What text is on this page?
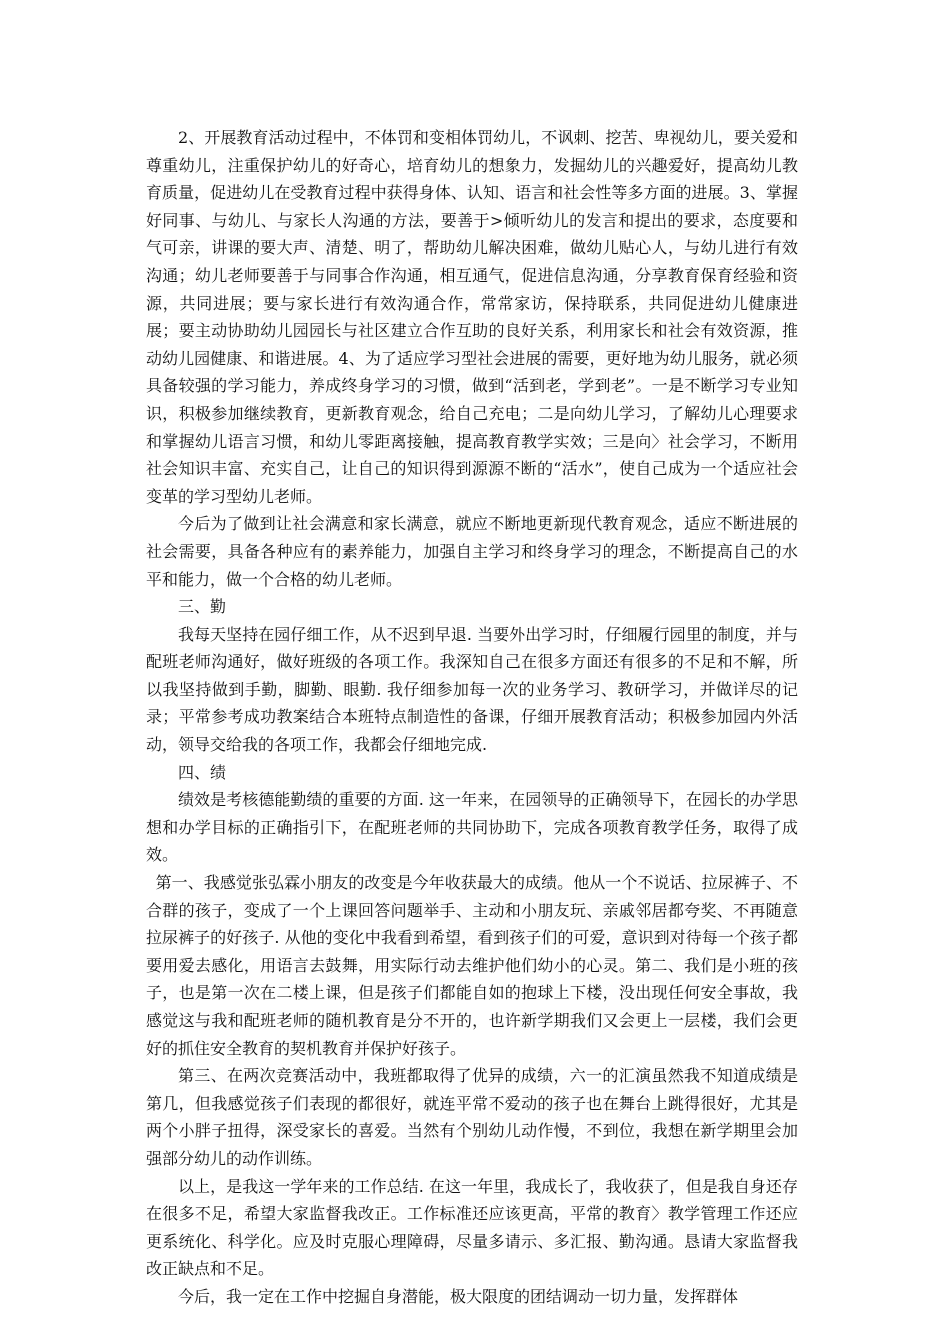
2、开展教育活动过程中，不体罚和变相体罚幼儿，不讽刺、挖苦、卑视幼儿，要关爱和尊重幼儿，注重保护幼儿的好奇心，培育幼儿的想象力，发掘幼儿的兴趣爱好，提高幼儿教育质量，促进幼儿在受教育过程中获得身体、认知、语言和社会性等多方面的进展。3、掌握好同事、与幼儿、与家长人沟通的方法，要善于>倾听幼儿的发言和提出的要求，态度要和气可亲，讲课的要大声、清楚、明了，帮助幼儿解决困难，做幼儿贴心人，与幼儿进行有效沟通；幼儿老师要善于与同事合作沟通，相互通气，促进信息沟通，分享教育保育经验和资源，共同进展；要与家长进行有效沟通合作，常常家访，保持联系，共同促进幼儿健康进展；要主动协助幼儿园园长与社区建立合作互助的良好关系，利用家长和社会有效资源，推动幼儿园健康、和谐进展。4、为了适应学习型社会进展的需要，更好地为幼儿服务，就必须具备较强的学习能力，养成终身学习的习惯，做到“活到老，学到老”。一是不断学习专业知识，积极参加继续教育，更新教育观念，给自己充电；二是向幼儿学习，了解幼儿心理要求和掌握幼儿语言习惯，和幼儿零距离接触，提高教育教学实效；三是向〉社会学习，不断用社会知识丰富、充实自己，让自己的知识得到源源不断的“活水”，使自己成为一个适应社会变革的学习型幼儿老师。

今后为了做到让社会满意和家长满意，就应不断地更新现代教育观念，适应不断进展的社会需要，具备各种应有的素养能力，加强自主学习和终身学习的理念，不断提高自己的水平和能力，做一个合格的幼儿老师。

三、勤

我每天坚持在园仔细工作，从不迟到早退. 当要外出学习时，仔细履行园里的制度，并与配班老师沟通好，做好班级的各项工作。我深知自己在很多方面还有很多的不足和不解，所以我坚持做到手勤，脚勤、眼勤. 我仔细参加每一次的业务学习、教研学习，并做详尽的记录；平常参考成功教案结合本班特点制造性的备课，仔细开展教育活动；积极参加园内外活动，领导交给我的各项工作，我都会仔细地完成.

四、绩

绩效是考核德能勤绩的重要的方面. 这一年来，在园领导的正确领导下，在园长的办学思想和办学目标的正确指引下，在配班老师的共同协助下，完成各项教育教学任务，取得了成效。

第一、我感觉张弘霖小朋友的改变是今年收获最大的成绩。他从一个不说话、拉尿裤子、不合群的孩子，变成了一个上课回答问题举手、主动和小朋友玩、亲戚邻居都夸奖、不再随意拉尿裤子的好孩子. 从他的变化中我看到希望，看到孩子们的可爱，意识到对待每一个孩子都要用爱去感化，用语言去鼓舞，用实际行动去维护他们幼小的心灵。第二、我们是小班的孩子，也是第一次在二楼上课，但是孩子们都能自如的抱球上下楼，没出现任何安全事故，我感觉这与我和配班老师的随机教育是分不开的，也许新学期我们又会更上一层楼，我们会更好的抓住安全教育的契机教育并保护好孩子。

第三、在两次竞赛活动中，我班都取得了优异的成绩，六一的汇演虽然我不知道成绩是第几，但我感觉孩子们表现的都很好，就连平常不爱动的孩子也在舞台上跳得很好，尤其是两个小胖子扭得，深受家长的喜爱。当然有个别幼儿动作慢，不到位，我想在新学期里会加强部分幼儿的动作训练。

以上，是我这一学年来的工作总结. 在这一年里，我成长了，我收获了，但是我自身还存在很多不足，希望大家监督我改正。工作标准还应该更高，平常的教育〉教学管理工作还应更系统化、科学化。应及时克服心理障碍，尽量多请示、多汇报、勤沟通。恳请大家监督我改正缺点和不足。

今后，我一定在工作中挖掘自身潜能，极大限度的团结调动一切力量，发挥群体
